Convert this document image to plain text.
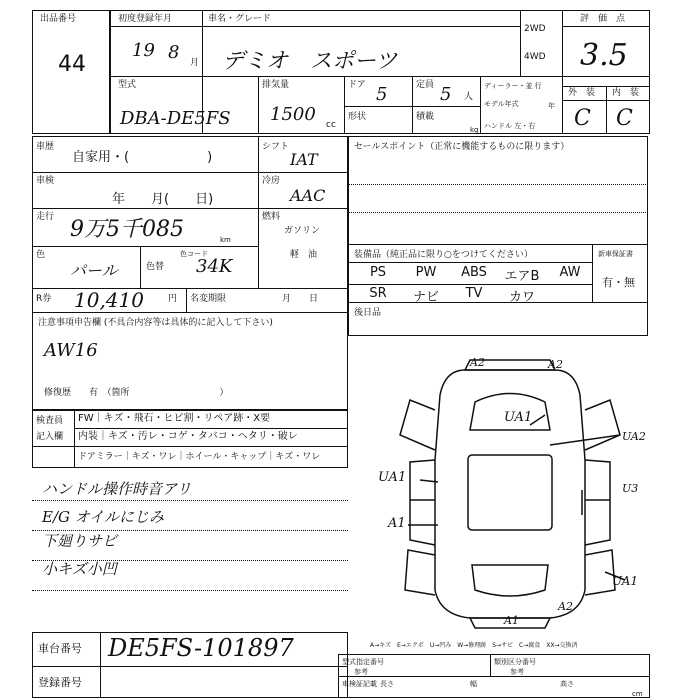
出品番号
44
初度登録年月
19 8 月
車名・グレード
デミオ　スポーツ
2WD
4WD
評　価　点
3.5
型式
DBA-DE5FS
排気量
1500 cc
ドア 5	定員 5 人
形状	積載
kg
ディーラー・並 行
モデル年式	年
ハンドル 左・右
外　装 内　装
C C
車歴
自家用・(　　　　　　)
車検
年　　月(　　日)
走行 9万5千085	km
色
パール	色替
色コード
34K
R券 10,410	円 名変期限	月　　日
シフト
IAT
冷房
AAC
燃料
ガソリン
軽　油
注意事項申告欄 (不具合内容等は具体的に記入して下さい)
AW16
修復歴　　有　（箇所　　　　　　　　　　）
セールスポイント（正常に機能するものに限ります）
装備品（純正品に限り○をつけてください）	新車保証書
有・無
PS	PW	ABS	エアB	AW
SR	ナビ	TV	カワ
後日品
検査員
記入欄
FW｜キズ・飛石・ヒビ割・リペア跡・X要
内装｜キズ・汚レ・コゲ・タバコ・ヘタリ・破レ
ドアミラー｜キズ・ワレ｜ホイール・キャップ｜キズ・ワレ
ハンドル操作時音アリ
E/G オイルにじみ
下廻りサビ
小キズ小凹
A2	A2
UA1
UA2
UA1
U3
A1
UA1
A1
A2
車台番号 DE5FS-101897
登録番号
A→キズ　E→エクボ　U→凹み　W→修理跡　S→サビ　C→腐食　XX→交換済
型式指定番号
参考
類別区分番号
参考
車検証記載 長さ	幅	高さ
cm
